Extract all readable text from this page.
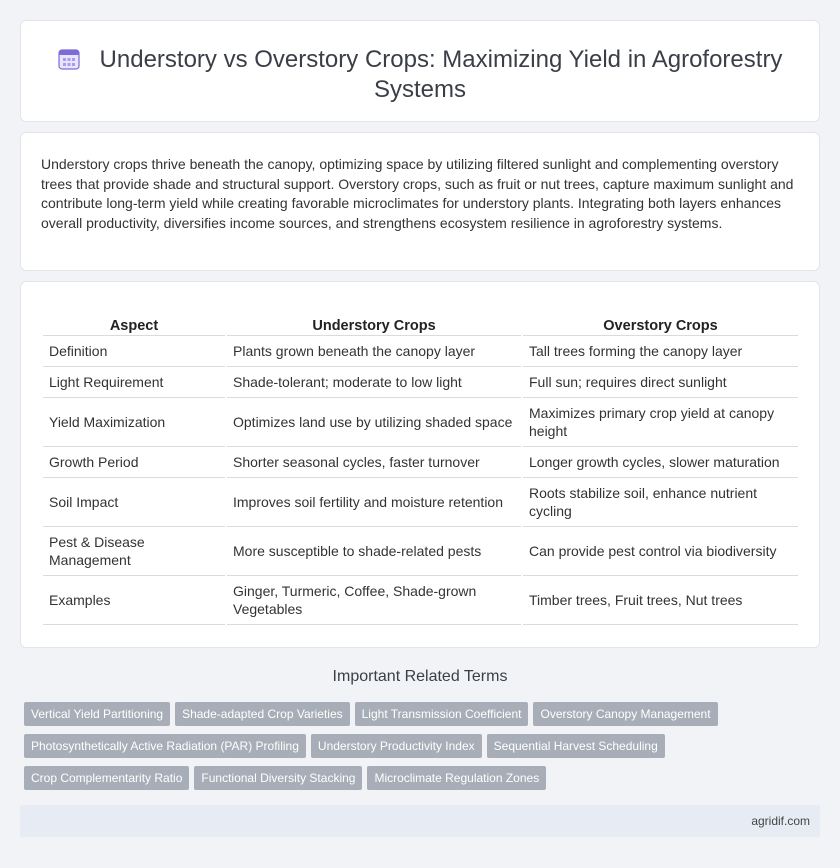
Understory vs Overstory Crops: Maximizing Yield in Agroforestry
Systems

Understory crops thrive beneath the canopy, optimizing space by utilizing filtered sunlight and complementing overstory trees that provide shade and structural support. Overstory crops, such as fruit or nut trees, capture maximum sunlight and contribute long-term yield while creating favorable microclimates for understory plants. Integrating both layers enhances overall productivity, diversifies income sources, and strengthens ecosystem resilience in agroforestry systems.

Aspect	Understory Crops	Overstory Crops
Definition	Plants grown beneath the canopy layer	Tall trees forming the canopy layer
Light Requirement	Shade-tolerant; moderate to low light	Full sun; requires direct sunlight
Yield Maximization	Optimizes land use by utilizing shaded space	Maximizes primary crop yield at canopy height
Growth Period	Shorter seasonal cycles, faster turnover	Longer growth cycles, slower maturation
Soil Impact	Improves soil fertility and moisture retention	Roots stabilize soil, enhance nutrient cycling
Pest & Disease Management	More susceptible to shade-related pests	Can provide pest control via biodiversity
Examples	Ginger, Turmeric, Coffee, Shade-grown Vegetables	Timber trees, Fruit trees, Nut trees
Important Related Terms
Vertical Yield Partitioning Shade-adapted Crop Varieties Light Transmission Coefficient Overstory Canopy Management
Photosynthetically Active Radiation (PAR) Profiling Understory Productivity Index Sequential Harvest Scheduling
Crop Complementarity Ratio Functional Diversity Stacking Microclimate Regulation Zones
agridif.com
